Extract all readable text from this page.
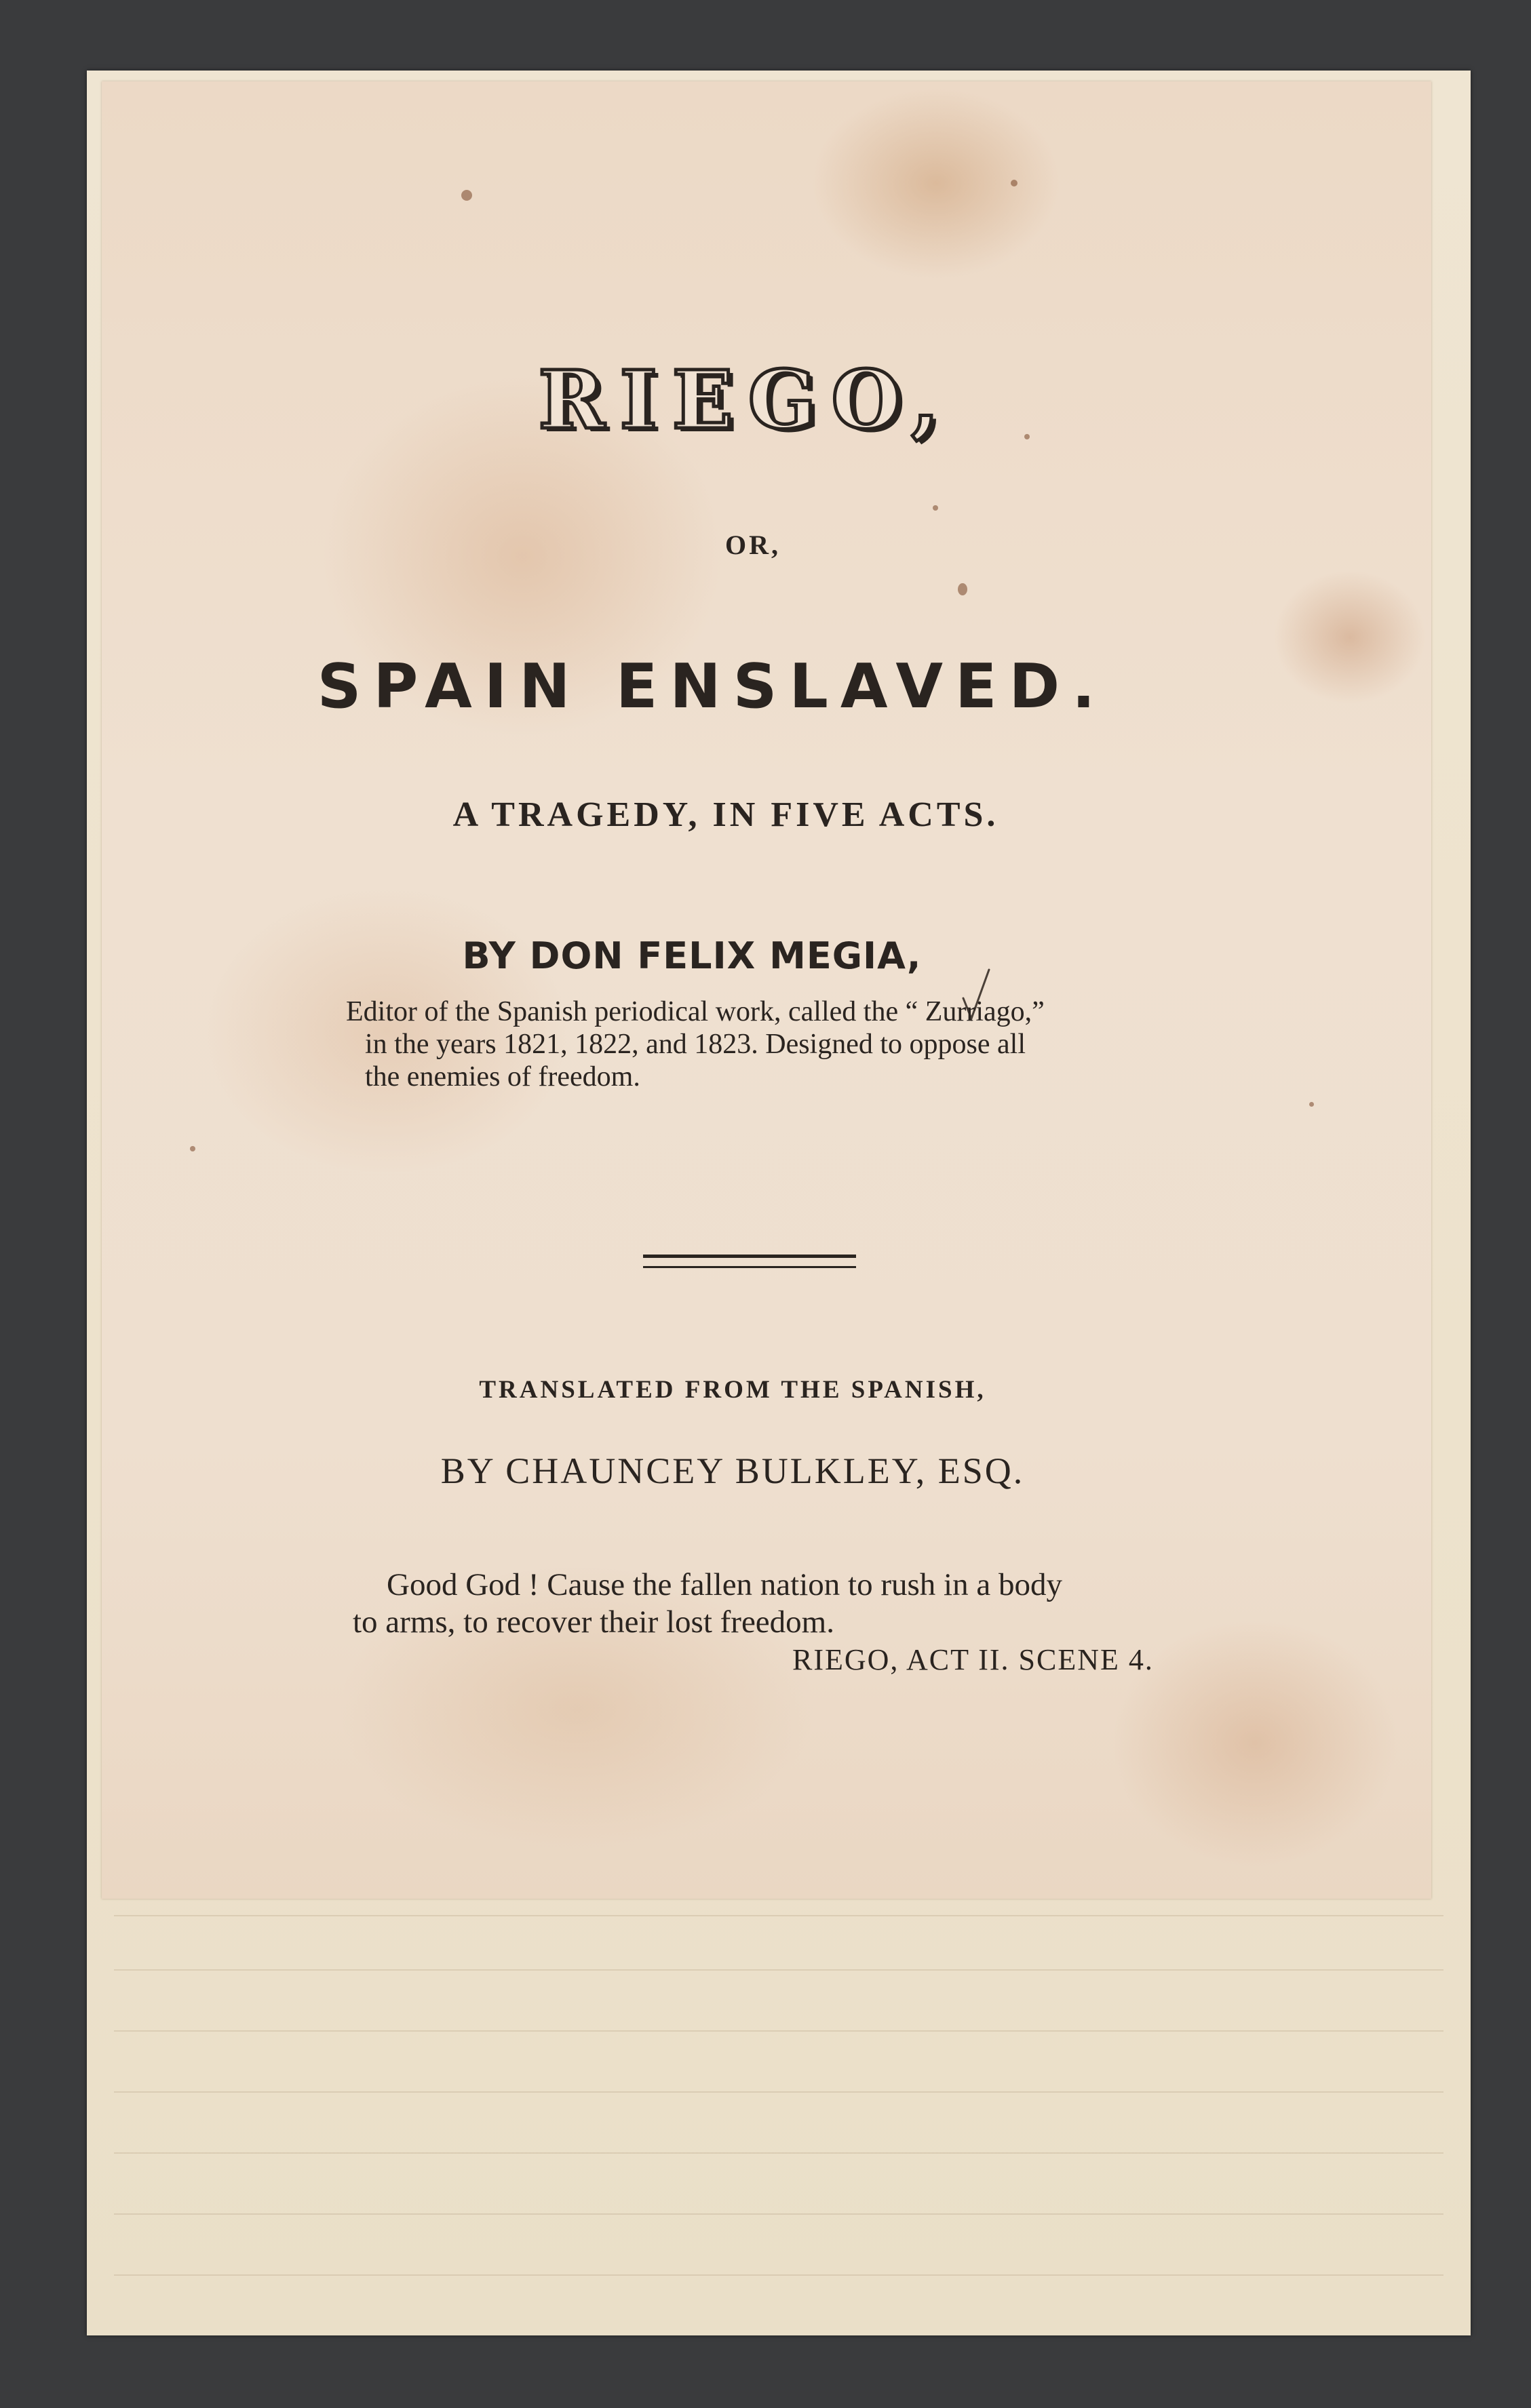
RIEGO,
OR,
SPAIN ENSLAVED.
A TRAGEDY, IN FIVE ACTS.
BY DON FELIX MEGIA,
Editor of the Spanish periodical work, called the “ Zurriago,”
in the years 1821, 1822, and 1823. Designed to oppose all
the enemies of freedom.
TRANSLATED FROM THE SPANISH,
BY CHAUNCEY BULKLEY, ESQ.
Good God ! Cause the fallen nation to rush in a body
to arms, to recover their lost freedom.
RIEGO, ACT II. SCENE 4.
